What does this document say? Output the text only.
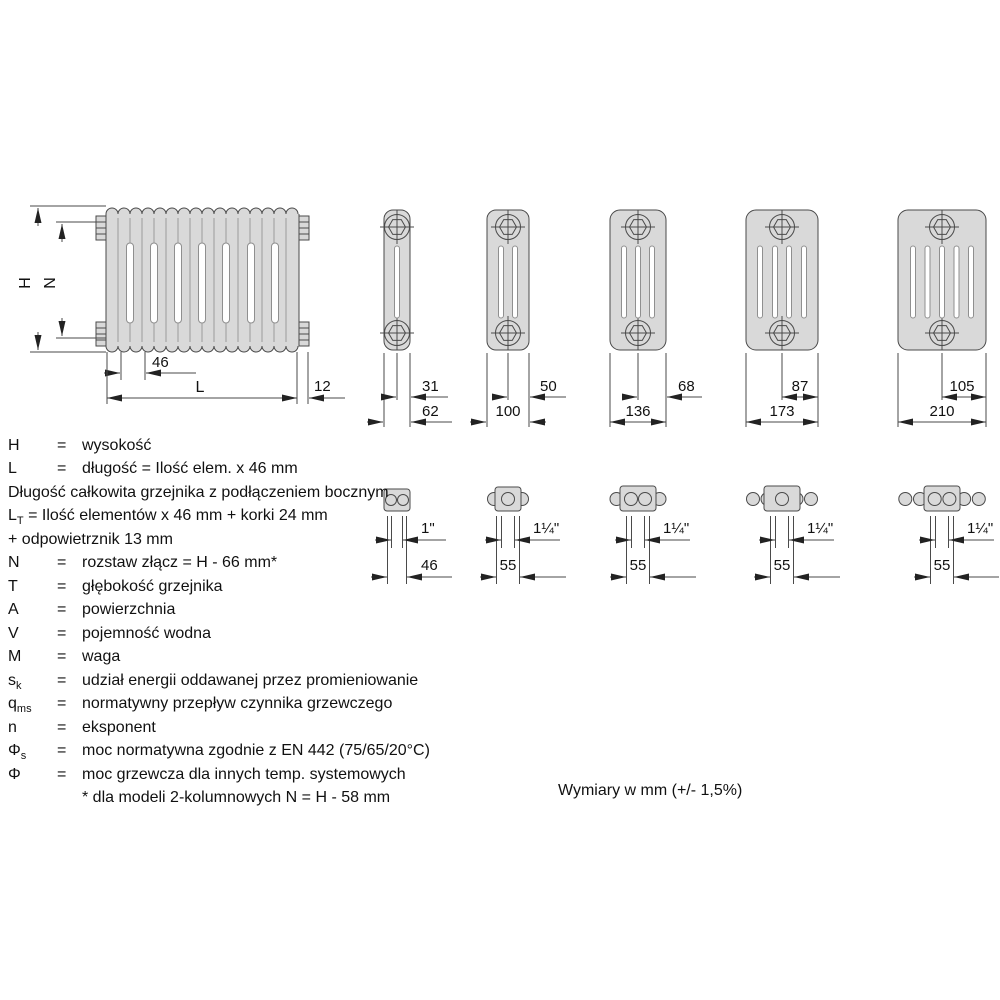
H N
46
L	12	31
62
50
100
68
136
87
173
105
210
1"
46
1¼"
55
1¼"
55
1¼"
55
1¼"
55
H = wysokość
L	= długość = Ilość elem. x 46 mm
Długość całkowita grzejnika z podłączeniem bocznym
$L_T$ = Ilość elementów x 46 mm + korki 24 mm
+ odpowietrznik 13 mm
N = rozstaw złącz = H - 66 mm*
T = głębokość grzejnika
A = powierzchnia
V = pojemność wodna
M = waga
$s_k$ = udział energii oddawanej przez promieniowanie
$q_{ms}$ = normatywny przepływ czynnika grzewczego
n	= eksponent
$\Phi_s$ = moc normatywna zgodnie z EN 442 (75/65/20°C)
Φ = moc grzewcza dla innych temp. systemowych
* dla modeli 2-kolumnowych N = H - 58 mm	Wymiary w mm (+/- 1,5%)
